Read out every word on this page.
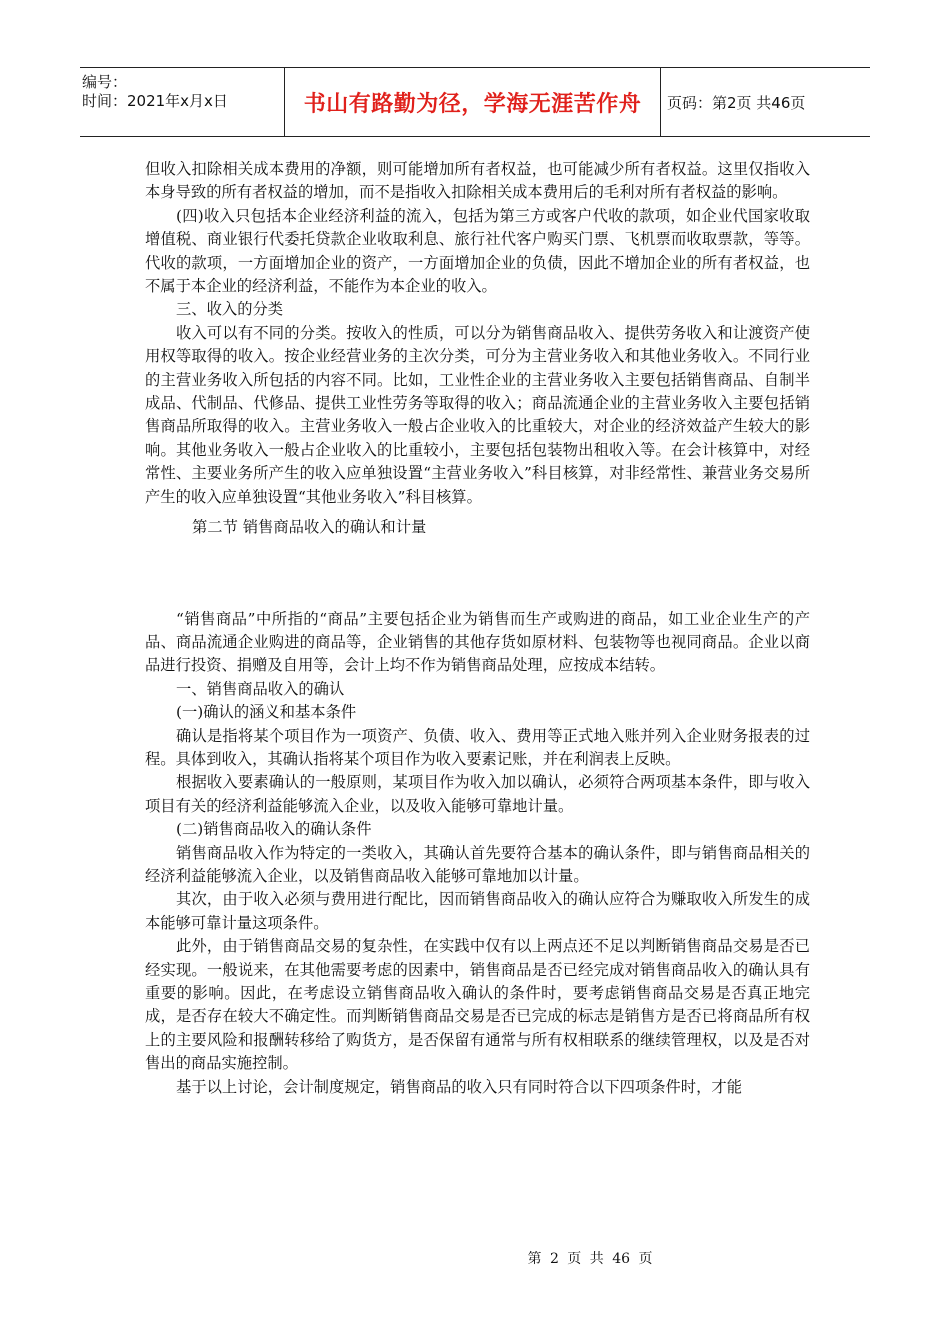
编号：
时间：2021年x月x日	书山有路勤为径，学海无涯苦作舟	页码：第2页 共46页

但收入扣除相关成本费用的净额，则可能增加所有者权益，也可能减少所有者权益。这里仅指收入本身导致的所有者权益的增加，而不是指收入扣除相关成本费用后的毛利对所有者权益的影响。

(四)收入只包括本企业经济利益的流入，包括为第三方或客户代收的款项，如企业代国家收取增值税、商业银行代委托贷款企业收取利息、旅行社代客户购买门票、飞机票而收取票款，等等。代收的款项，一方面增加企业的资产，一方面增加企业的负债，因此不增加企业的所有者权益，也不属于本企业的经济利益，不能作为本企业的收入。

三、收入的分类

收入可以有不同的分类。按收入的性质，可以分为销售商品收入、提供劳务收入和让渡资产使用权等取得的收入。按企业经营业务的主次分类，可分为主营业务收入和其他业务收入。不同行业的主营业务收入所包括的内容不同。比如，工业性企业的主营业务收入主要包括销售商品、自制半成品、代制品、代修品、提供工业性劳务等取得的收入；商品流通企业的主营业务收入主要包括销售商品所取得的收入。主营业务收入一般占企业收入的比重较大，对企业的经济效益产生较大的影响。其他业务收入一般占企业收入的比重较小，主要包括包装物出租收入等。在会计核算中，对经常性、主要业务所产生的收入应单独设置“主营业务收入”科目核算，对非经常性、兼营业务交易所产生的收入应单独设置“其他业务收入”科目核算。

第二节 销售商品收入的确认和计量

“销售商品”中所指的“商品”主要包括企业为销售而生产或购进的商品，如工业企业生产的产品、商品流通企业购进的商品等，企业销售的其他存货如原材料、包装物等也视同商品。企业以商品进行投资、捐赠及自用等，会计上均不作为销售商品处理，应按成本结转。

一、销售商品收入的确认

(一)确认的涵义和基本条件

确认是指将某个项目作为一项资产、负债、收入、费用等正式地入账并列入企业财务报表的过程。具体到收入，其确认指将某个项目作为收入要素记账，并在利润表上反映。

根据收入要素确认的一般原则，某项目作为收入加以确认，必须符合两项基本条件，即与收入项目有关的经济利益能够流入企业，以及收入能够可靠地计量。

(二)销售商品收入的确认条件

销售商品收入作为特定的一类收入，其确认首先要符合基本的确认条件，即与销售商品相关的经济利益能够流入企业，以及销售商品收入能够可靠地加以计量。

其次，由于收入必须与费用进行配比，因而销售商品收入的确认应符合为赚取收入所发生的成本能够可靠计量这项条件。

此外，由于销售商品交易的复杂性，在实践中仅有以上两点还不足以判断销售商品交易是否已经实现。一般说来，在其他需要考虑的因素中，销售商品是否已经完成对销售商品收入的确认具有重要的影响。因此，在考虑设立销售商品收入确认的条件时，要考虑销售商品交易是否真正地完成，是否存在较大不确定性。而判断销售商品交易是否已完成的标志是销售方是否已将商品所有权上的主要风险和报酬转移给了购货方，是否保留有通常与所有权相联系的继续管理权，以及是否对售出的商品实施控制。

基于以上讨论，会计制度规定，销售商品的收入只有同时符合以下四项条件时，才能

第 2 页 共 46 页
